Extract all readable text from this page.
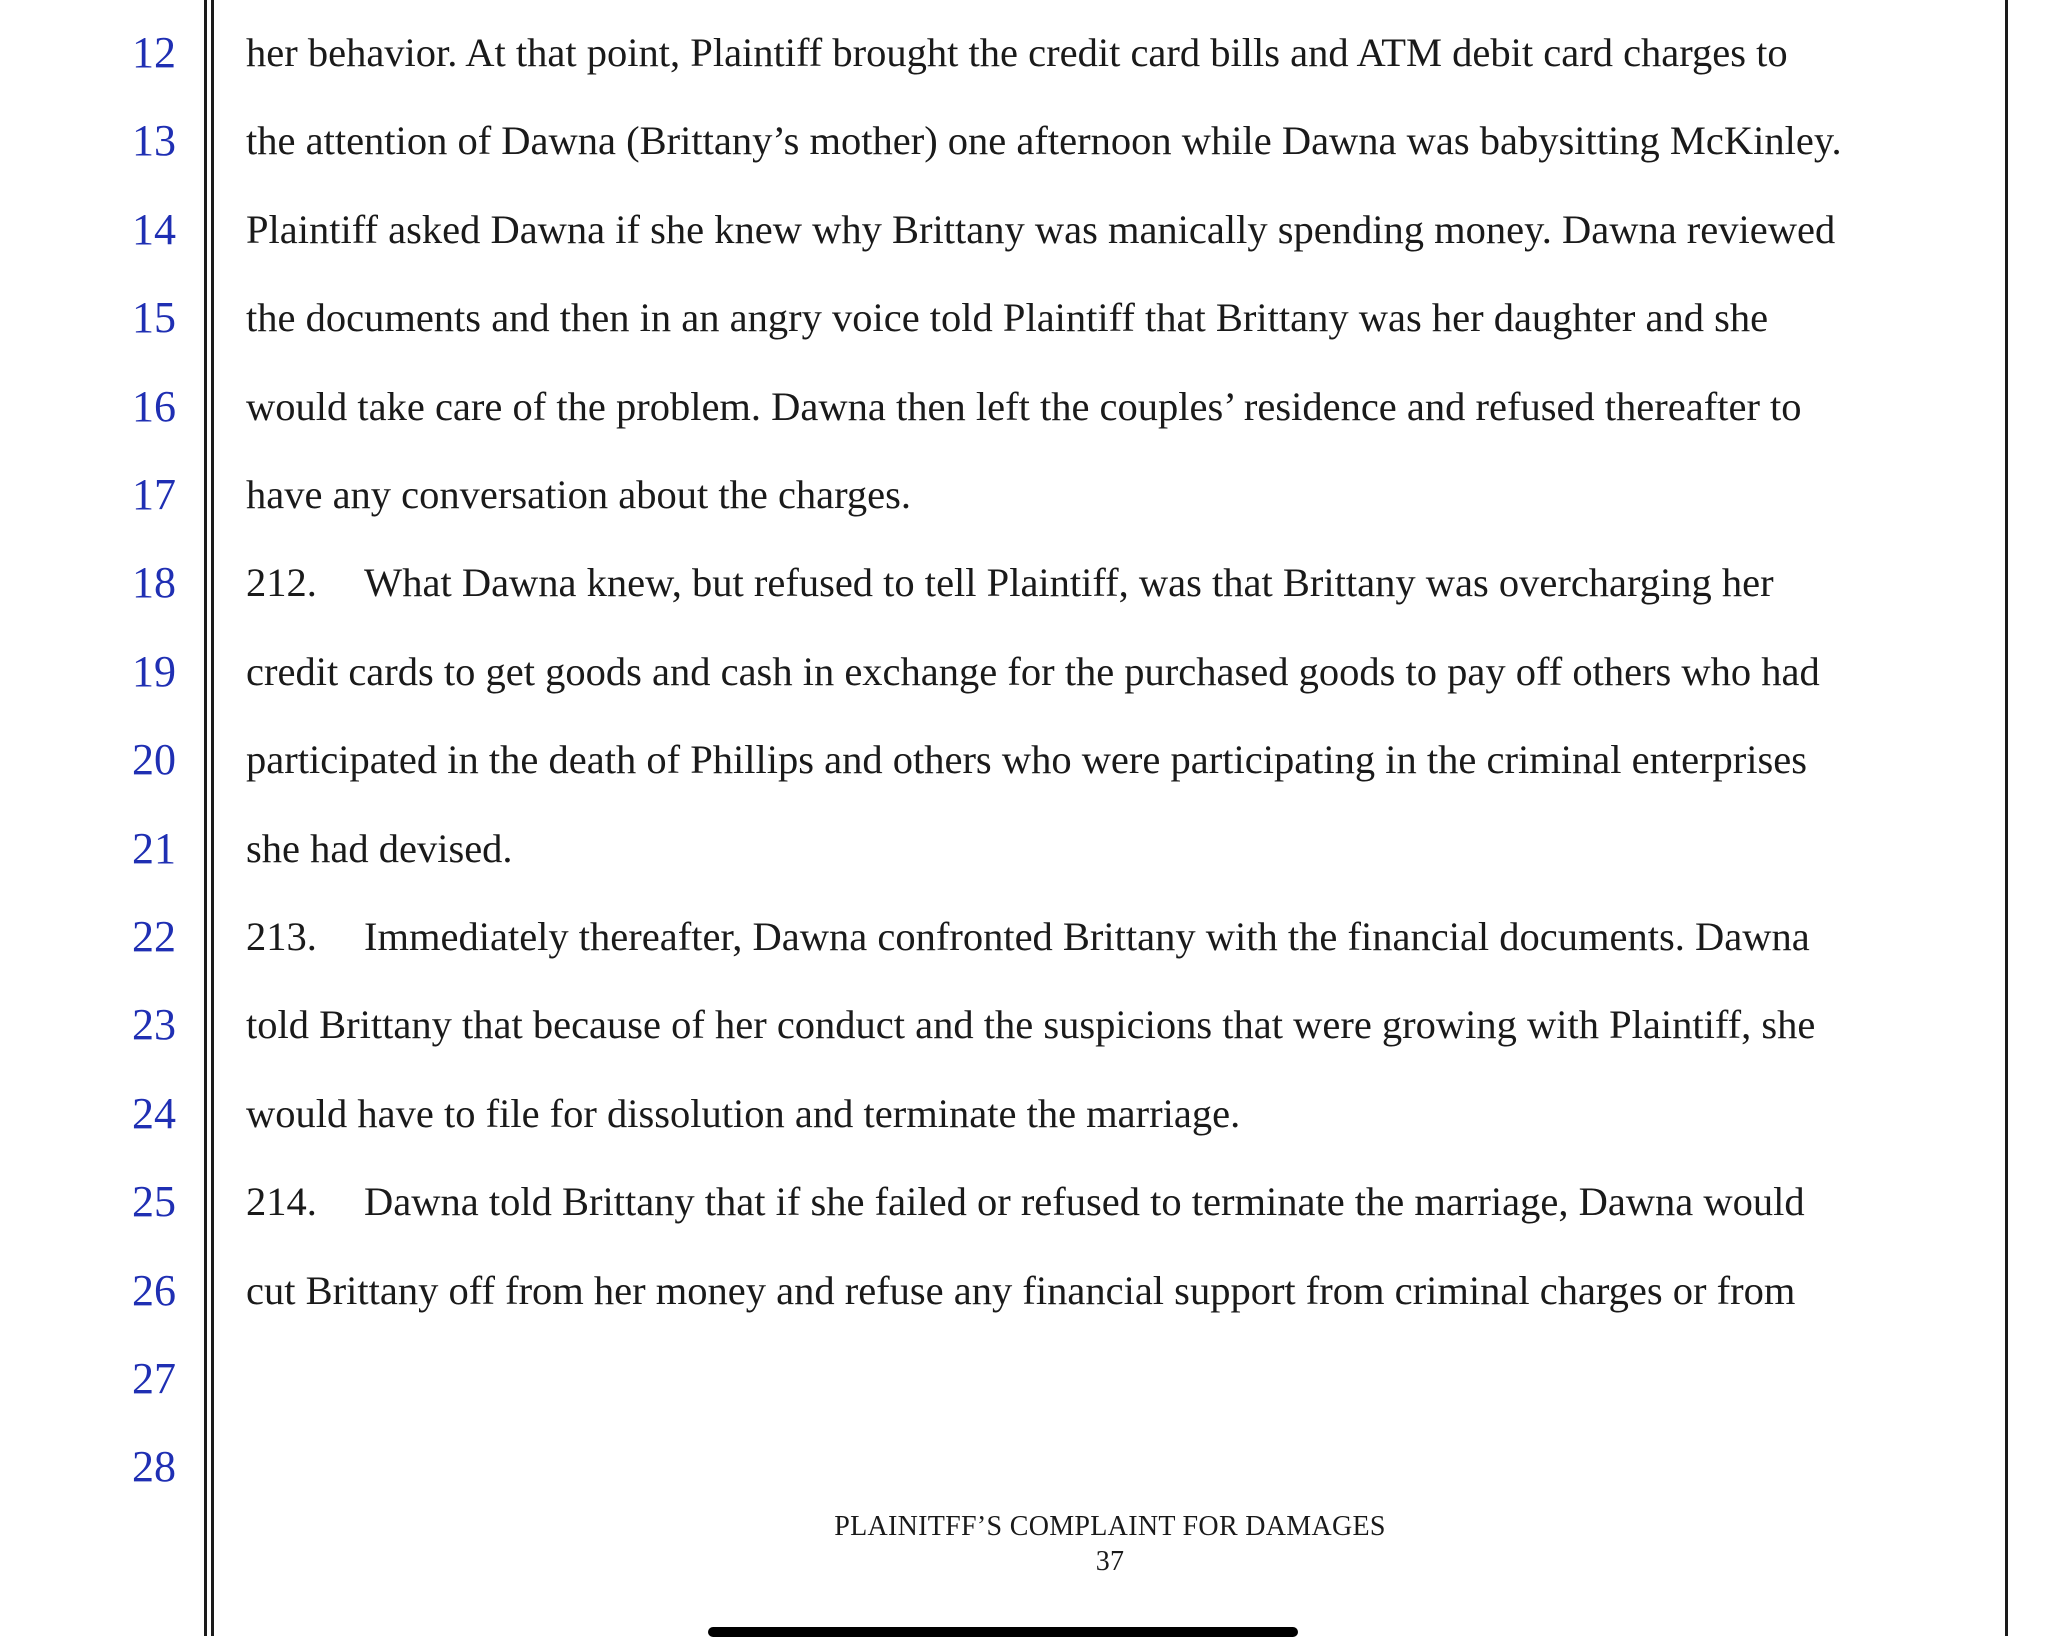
12
13
14
15
16
17
18
19
20
21
22
23
24
25
26
27
28
her behavior. At that point, Plaintiff brought the credit card bills and ATM debit card charges to
the attention of Dawna (Brittany’s mother) one afternoon while Dawna was babysitting McKinley.
Plaintiff asked Dawna if she knew why Brittany was manically spending money. Dawna reviewed
the documents and then in an angry voice told Plaintiff that Brittany was her daughter and she
would take care of the problem. Dawna then left the couples’ residence and refused thereafter to
have any conversation about the charges.
212. What Dawna knew, but refused to tell Plaintiff, was that Brittany was overcharging her
credit cards to get goods and cash in exchange for the purchased goods to pay off others who had
participated in the death of Phillips and others who were participating in the criminal enterprises
she had devised.
213. Immediately thereafter, Dawna confronted Brittany with the financial documents. Dawna
told Brittany that because of her conduct and the suspicions that were growing with Plaintiff, she
would have to file for dissolution and terminate the marriage.
214. Dawna told Brittany that if she failed or refused to terminate the marriage, Dawna would
cut Brittany off from her money and refuse any financial support from criminal charges or from
PLAINITFF’S COMPLAINT FOR DAMAGES
37
